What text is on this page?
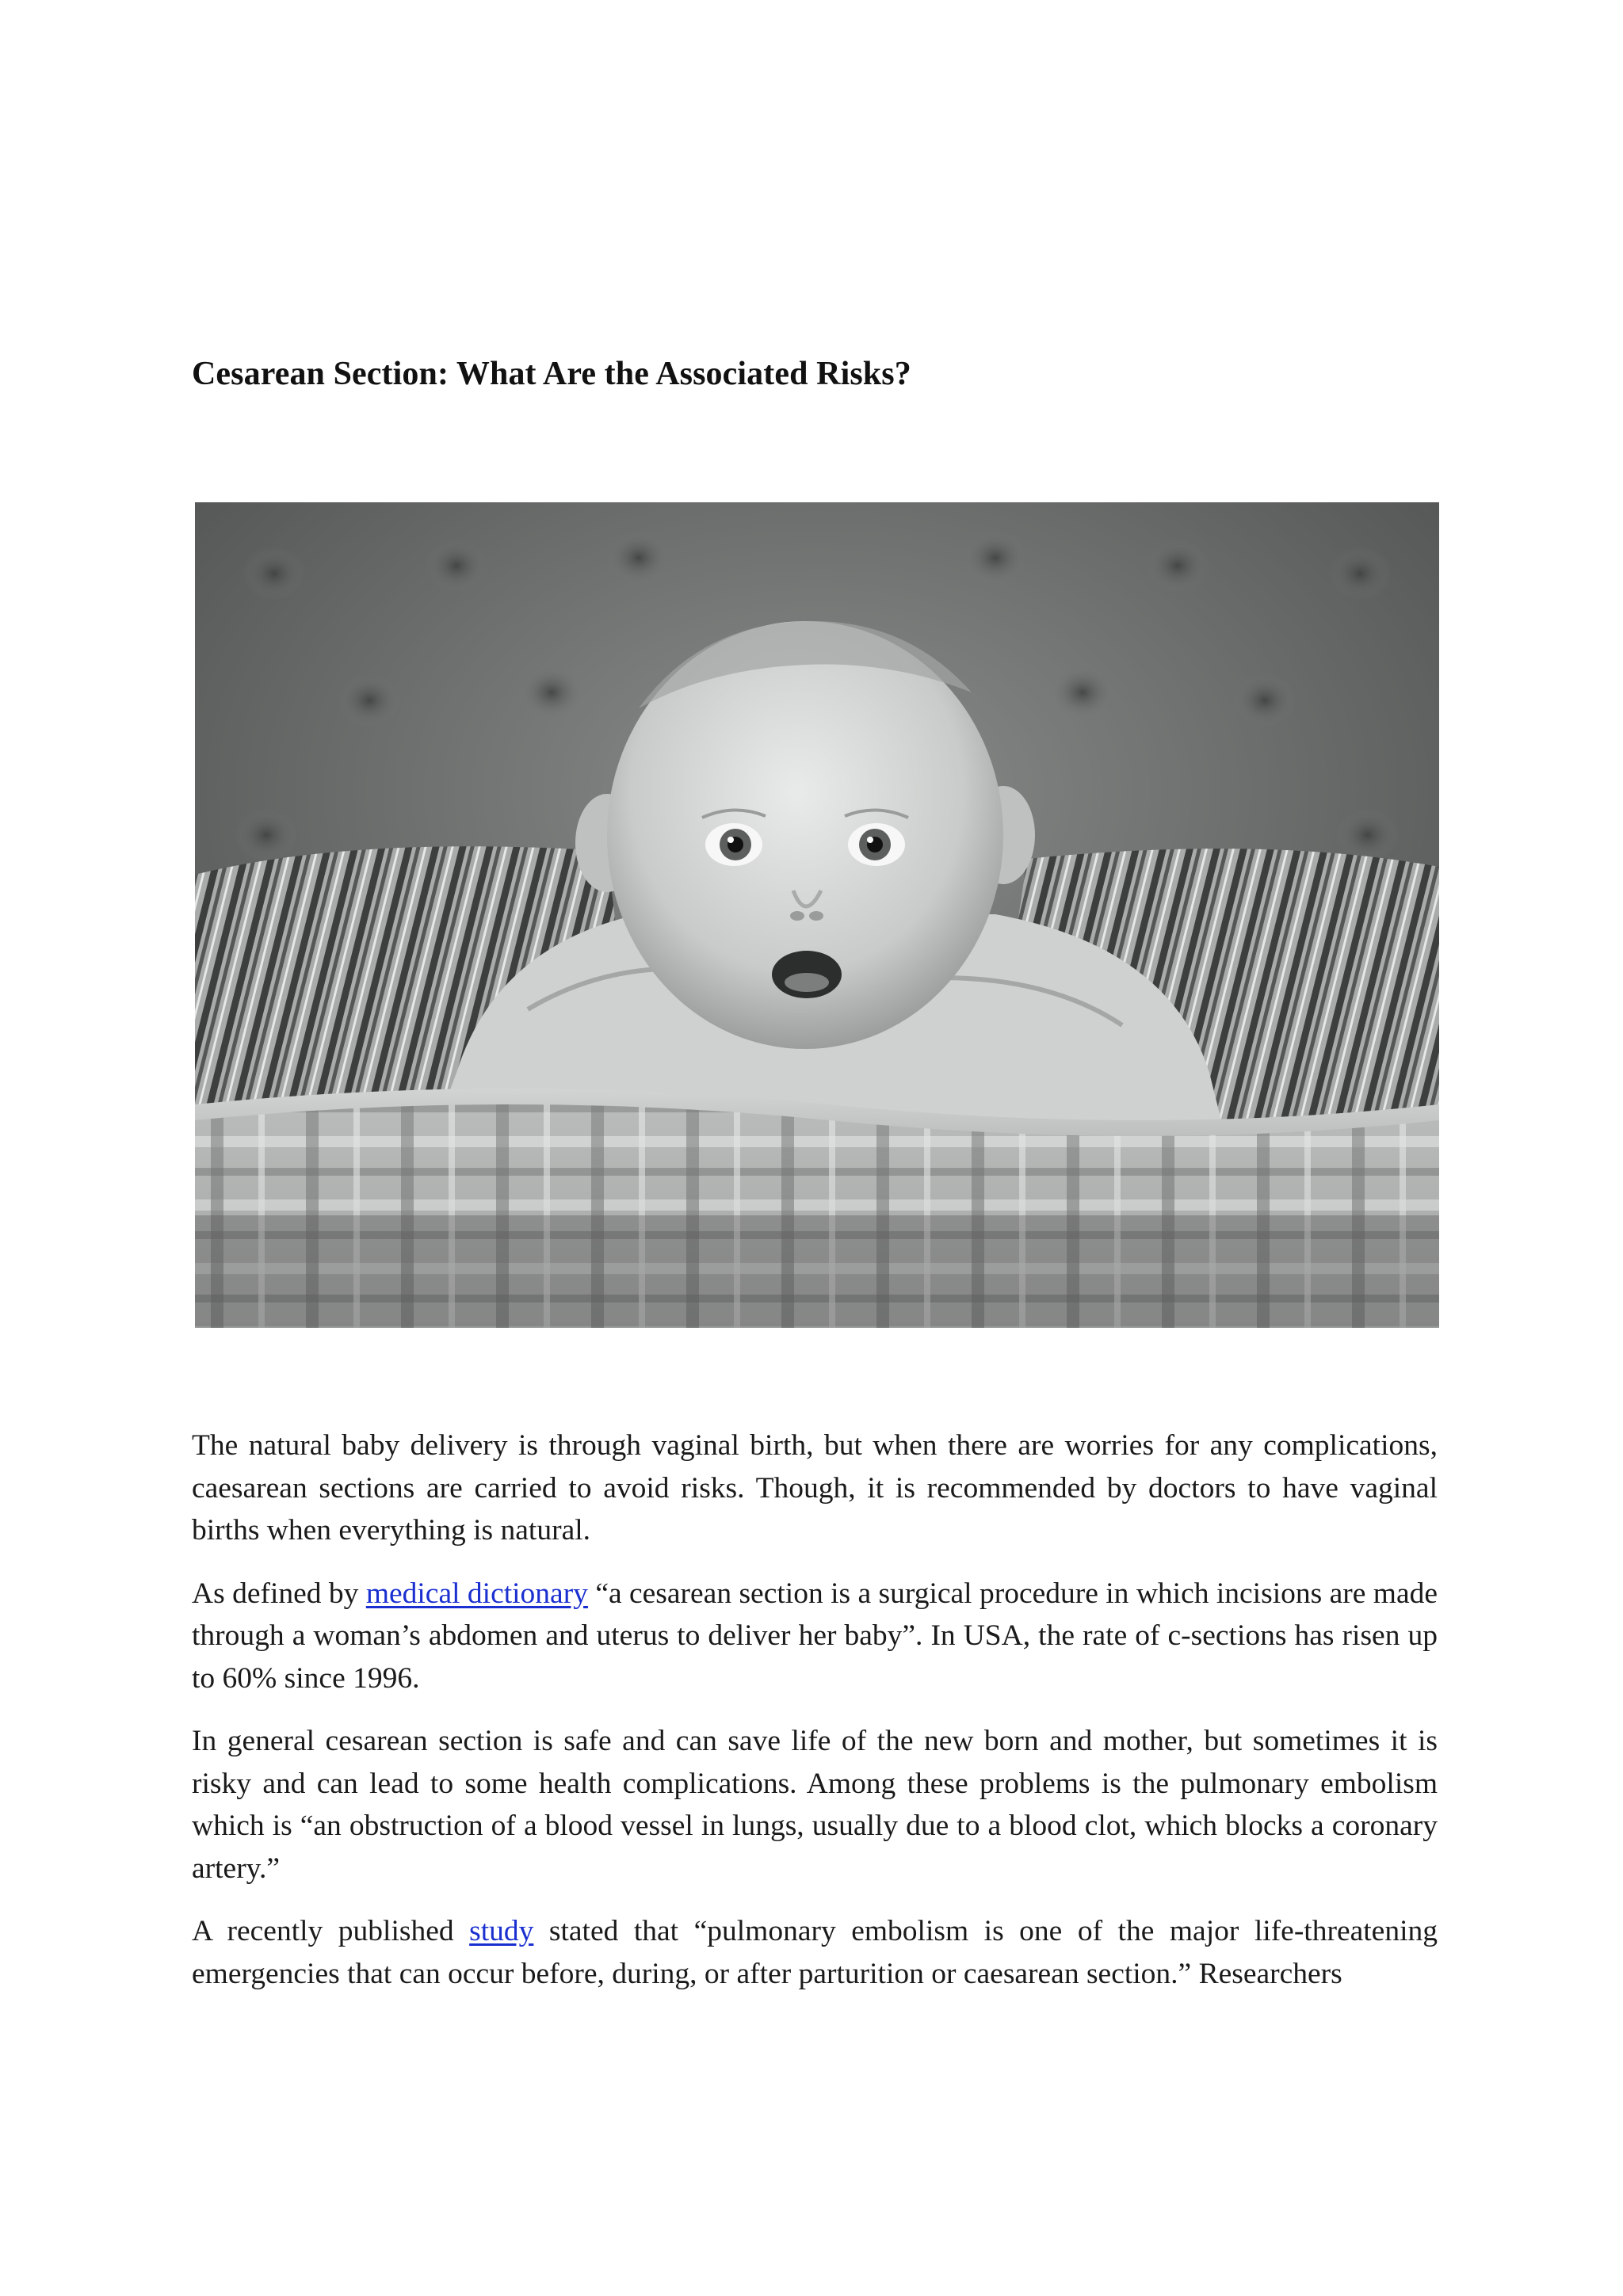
Cesarean Section: What Are the Associated Risks?

The natural baby delivery is through vaginal birth, but when there are worries for any complications, caesarean sections are carried to avoid risks. Though, it is recommended by doctors to have vaginal births when everything is natural.

As defined by medical dictionary “a cesarean section is a surgical procedure in which incisions are made through a woman’s abdomen and uterus to deliver her baby”. In USA, the rate of c-sections has risen up to 60% since 1996.

In general cesarean section is safe and can save life of the new born and mother, but sometimes it is risky and can lead to some health complications. Among these problems is the pulmonary embolism which is “an obstruction of a blood vessel in lungs, usually due to a blood clot, which blocks a coronary artery.”

A recently published study stated that “pulmonary embolism is one of the major life-threatening emergencies that can occur before, during, or after parturition or caesarean section.” Researchers
